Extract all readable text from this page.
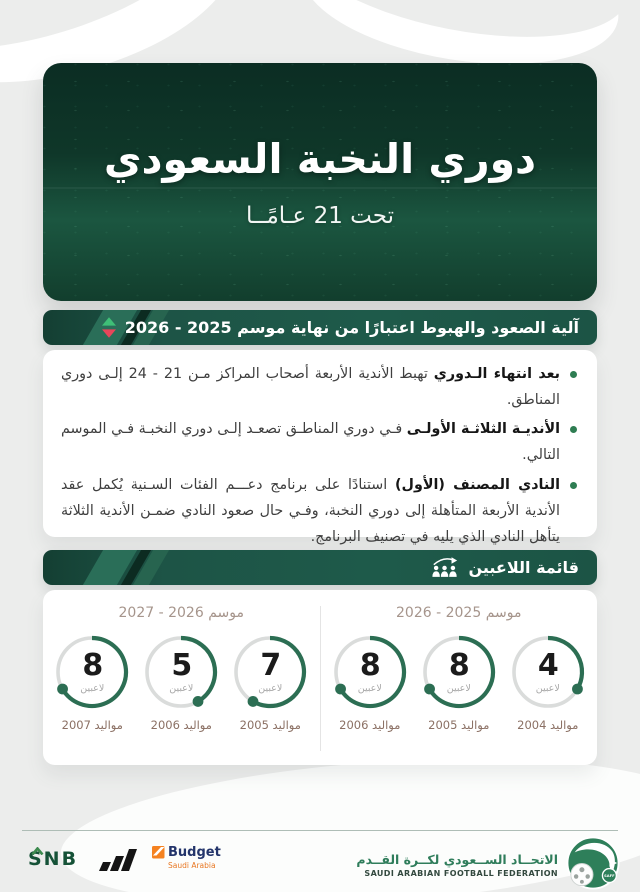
دوري النخبة السعودي
تحت 21 عـامًــا
آلية الصعود والهبوط اعتبارًا من نهاية موسم 2025 - 2026
بعد انتهاء الـدوري تهبط الأندية الأربعة أصحاب المراكز مـن 21 - 24 إلـى دوري المناطق.
الأنديـة الثلاثـة الأولـى فـي دوري المناطـق تصعـد إلـى دوري النخبـة فـي الموسم التالي.
النادي المصنف (الأول) استنادًا على برنامج دعـــم الفئات السـنية يُكمل عقد الأندية الأربعة المتأهلة إلى دوري النخبة، وفـي حال صعود النادي ضمـن الأندية الثلاثة يتأهل النادي الذي يليه في تصنيف البرنامج.
قائمة اللاعبين
موسم 2025 - 2026
4
لاعبين
مواليد 2004
8
لاعبين
مواليد 2005
8
لاعبين
مواليد 2006
موسم 2026 - 2027
7
لاعبين
مواليد 2005
5
لاعبين
مواليد 2006
8
لاعبين
مواليد 2007
SNB	Budget
Saudi Arabia	الاتحــاد الســعودي لكــرة القــدم
SAUDI ARABIAN FOOTBALL FEDERATION	SAFF
